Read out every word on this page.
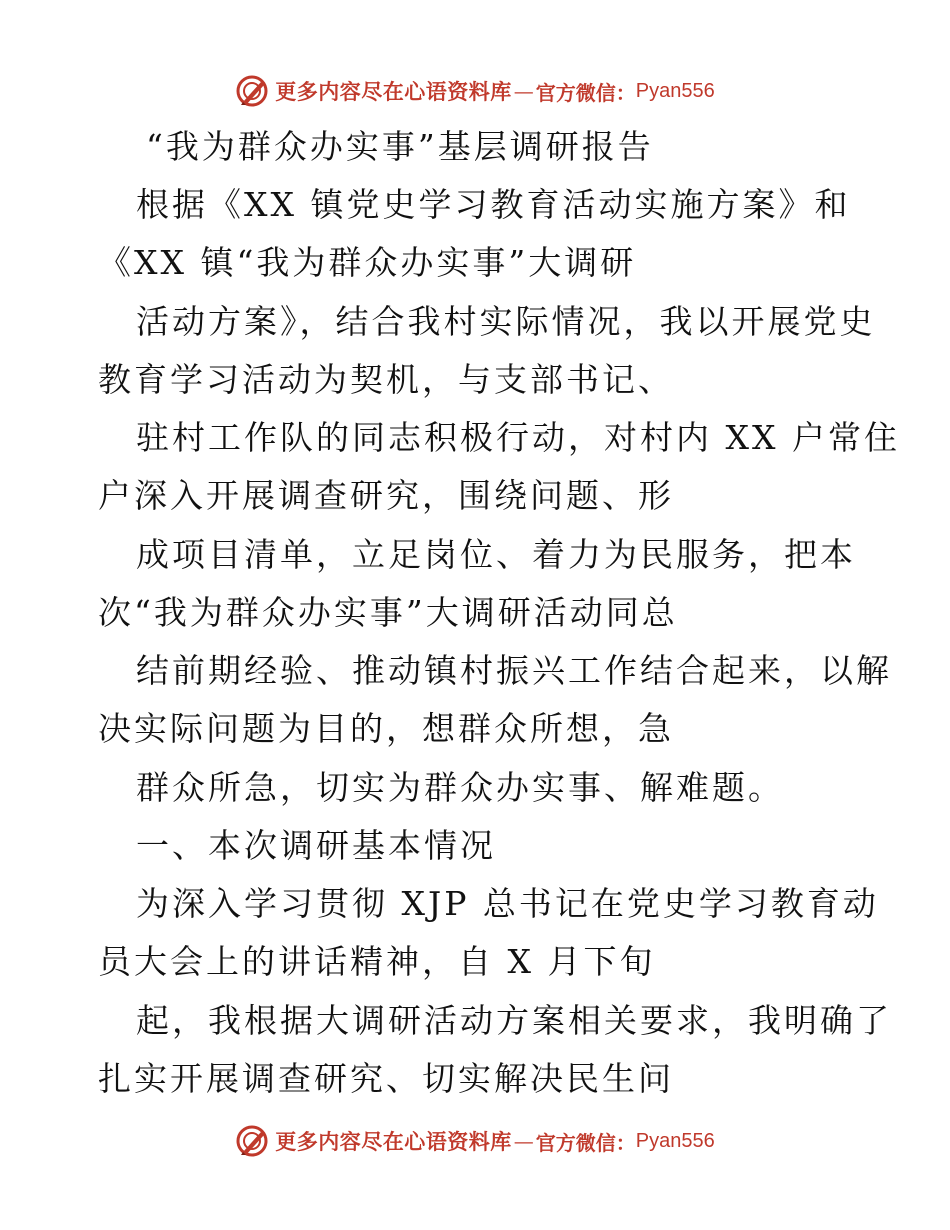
更多内容尽在心语资料库 — 官方微信： Pyan556
“我为群众办实事”基层调研报告
根据《XX 镇党史学习教育活动实施方案》和
《XX 镇“我为群众办实事”大调研
活动方案》，结合我村实际情况，我以开展党史
教育学习活动为契机，与支部书记、
驻村工作队的同志积极行动，对村内 XX 户常住
户深入开展调查研究，围绕问题、形
成项目清单，立足岗位、着力为民服务，把本
次“我为群众办实事”大调研活动同总
结前期经验、推动镇村振兴工作结合起来，以解
决实际问题为目的，想群众所想，急
群众所急，切实为群众办实事、解难题。
一、本次调研基本情况
为深入学习贯彻 XJP 总书记在党史学习教育动
员大会上的讲话精神，自 X 月下旬
起，我根据大调研活动方案相关要求，我明确了
扎实开展调查研究、切实解决民生问
更多内容尽在心语资料库 — 官方微信： Pyan556
